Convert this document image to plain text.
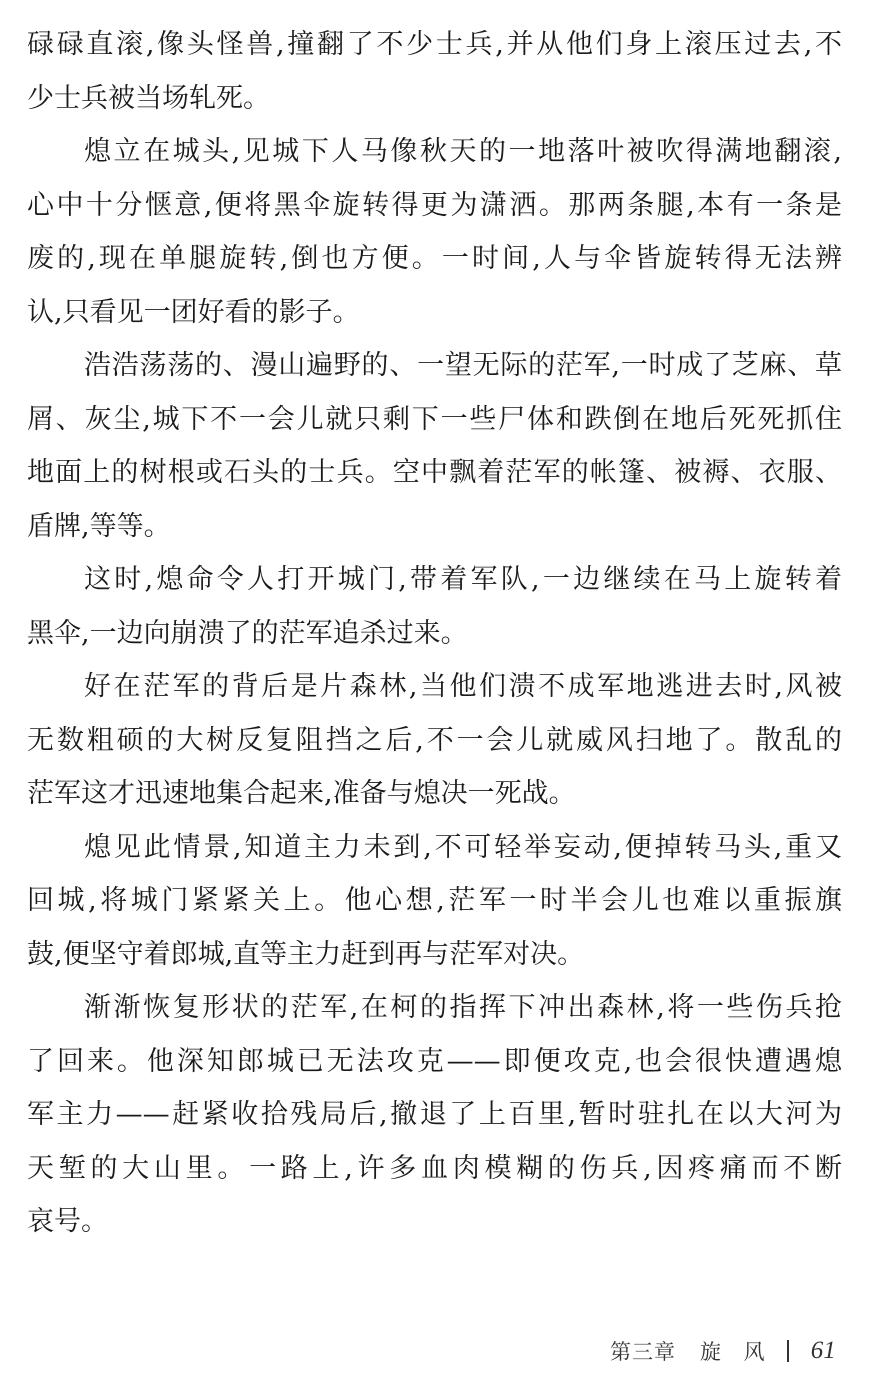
碌碌直滚,像头怪兽,撞翻了不少士兵,并从他们身上滚压过去,不
少士兵被当场轧死。
熄立在城头,见城下人马像秋天的一地落叶被吹得满地翻滚,
心中十分惬意,便将黑伞旋转得更为潇洒。那两条腿,本有一条是
废的,现在单腿旋转,倒也方便。一时间,人与伞皆旋转得无法辨
认,只看见一团好看的影子。
浩浩荡荡的、漫山遍野的、一望无际的茫军,一时成了芝麻、草
屑、灰尘,城下不一会儿就只剩下一些尸体和跌倒在地后死死抓住
地面上的树根或石头的士兵。空中飘着茫军的帐篷、被褥、衣服、
盾牌,等等。
这时,熄命令人打开城门,带着军队,一边继续在马上旋转着
黑伞,一边向崩溃了的茫军追杀过来。
好在茫军的背后是片森林,当他们溃不成军地逃进去时,风被
无数粗硕的大树反复阻挡之后,不一会儿就威风扫地了。散乱的
茫军这才迅速地集合起来,准备与熄决一死战。
熄见此情景,知道主力未到,不可轻举妄动,便掉转马头,重又
回城,将城门紧紧关上。他心想,茫军一时半会儿也难以重振旗
鼓,便坚守着郎城,直等主力赶到再与茫军对决。
渐渐恢复形状的茫军,在柯的指挥下冲出森林,将一些伤兵抢
了回来。他深知郎城已无法攻克——即便攻克,也会很快遭遇熄
军主力——赶紧收拾残局后,撤退了上百里,暂时驻扎在以大河为
天堑的大山里。一路上,许多血肉模糊的伤兵,因疼痛而不断
哀号。
第三章 旋 风 61
